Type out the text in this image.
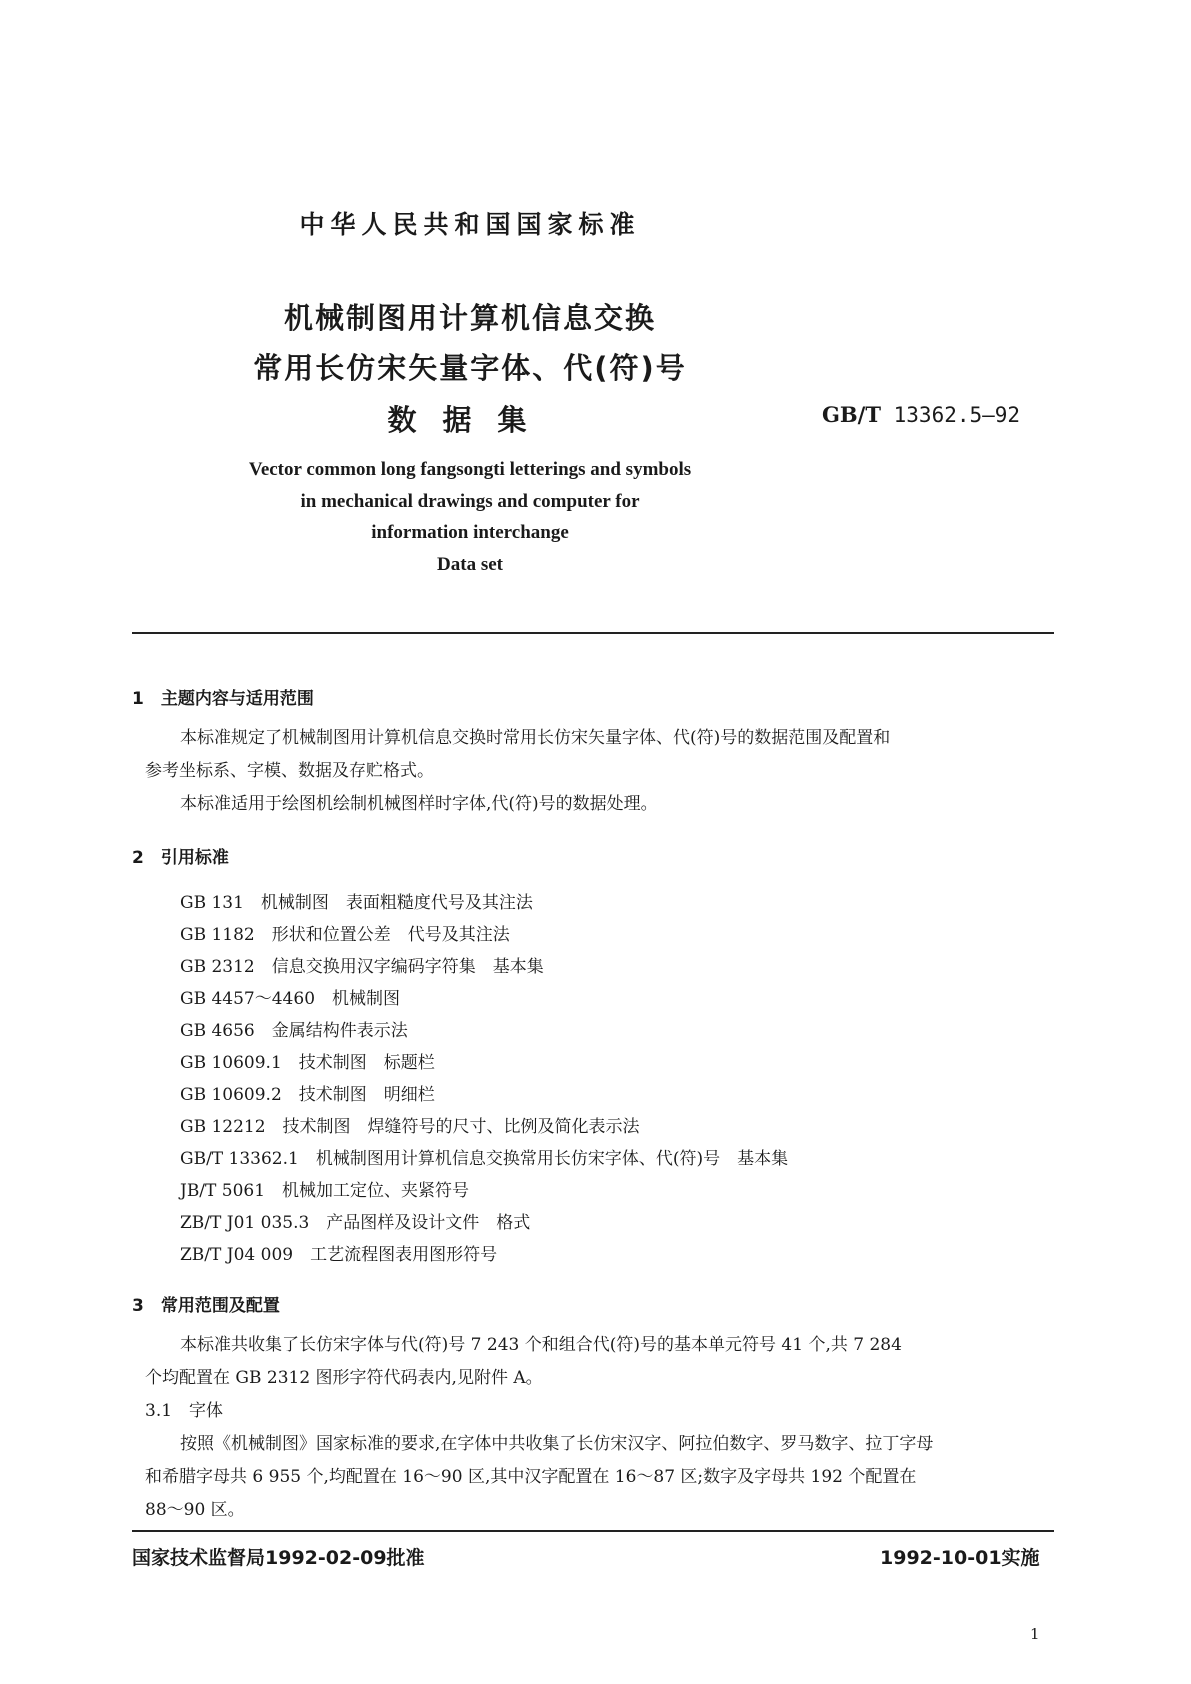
中华人民共和国国家标准
机械制图用计算机信息交换
常用长仿宋矢量字体、代(符)号
数据集	GB/T 13362.5—92
Vector common long fangsongti letterings and symbols
in mechanical drawings and computer for
information interchange
Data set
1　主题内容与适用范围
本标准规定了机械制图用计算机信息交换时常用长仿宋矢量字体、代(符)号的数据范围及配置和
参考坐标系、字模、数据及存贮格式。
本标准适用于绘图机绘制机械图样时字体,代(符)号的数据处理。
2　引用标准
GB 131　机械制图　表面粗糙度代号及其注法
GB 1182　形状和位置公差　代号及其注法
GB 2312　信息交换用汉字编码字符集　基本集
GB 4457～4460　机械制图
GB 4656　金属结构件表示法
GB 10609.1　技术制图　标题栏
GB 10609.2　技术制图　明细栏
GB 12212　技术制图　焊缝符号的尺寸、比例及简化表示法
GB/T 13362.1　机械制图用计算机信息交换常用长仿宋字体、代(符)号　基本集
JB/T 5061　机械加工定位、夹紧符号
ZB/T J01 035.3　产品图样及设计文件　格式
ZB/T J04 009　工艺流程图表用图形符号
3　常用范围及配置
本标准共收集了长仿宋字体与代(符)号 7 243 个和组合代(符)号的基本单元符号 41 个,共 7 284
个均配置在 GB 2312 图形字符代码表内,见附件 A。
3.1　字体
按照《机械制图》国家标准的要求,在字体中共收集了长仿宋汉字、阿拉伯数字、罗马数字、拉丁字母
和希腊字母共 6 955 个,均配置在 16～90 区,其中汉字配置在 16～87 区;数字及字母共 192 个配置在
88～90 区。
国家技术监督局1992-02-09批准	1992-10-01实施
1
